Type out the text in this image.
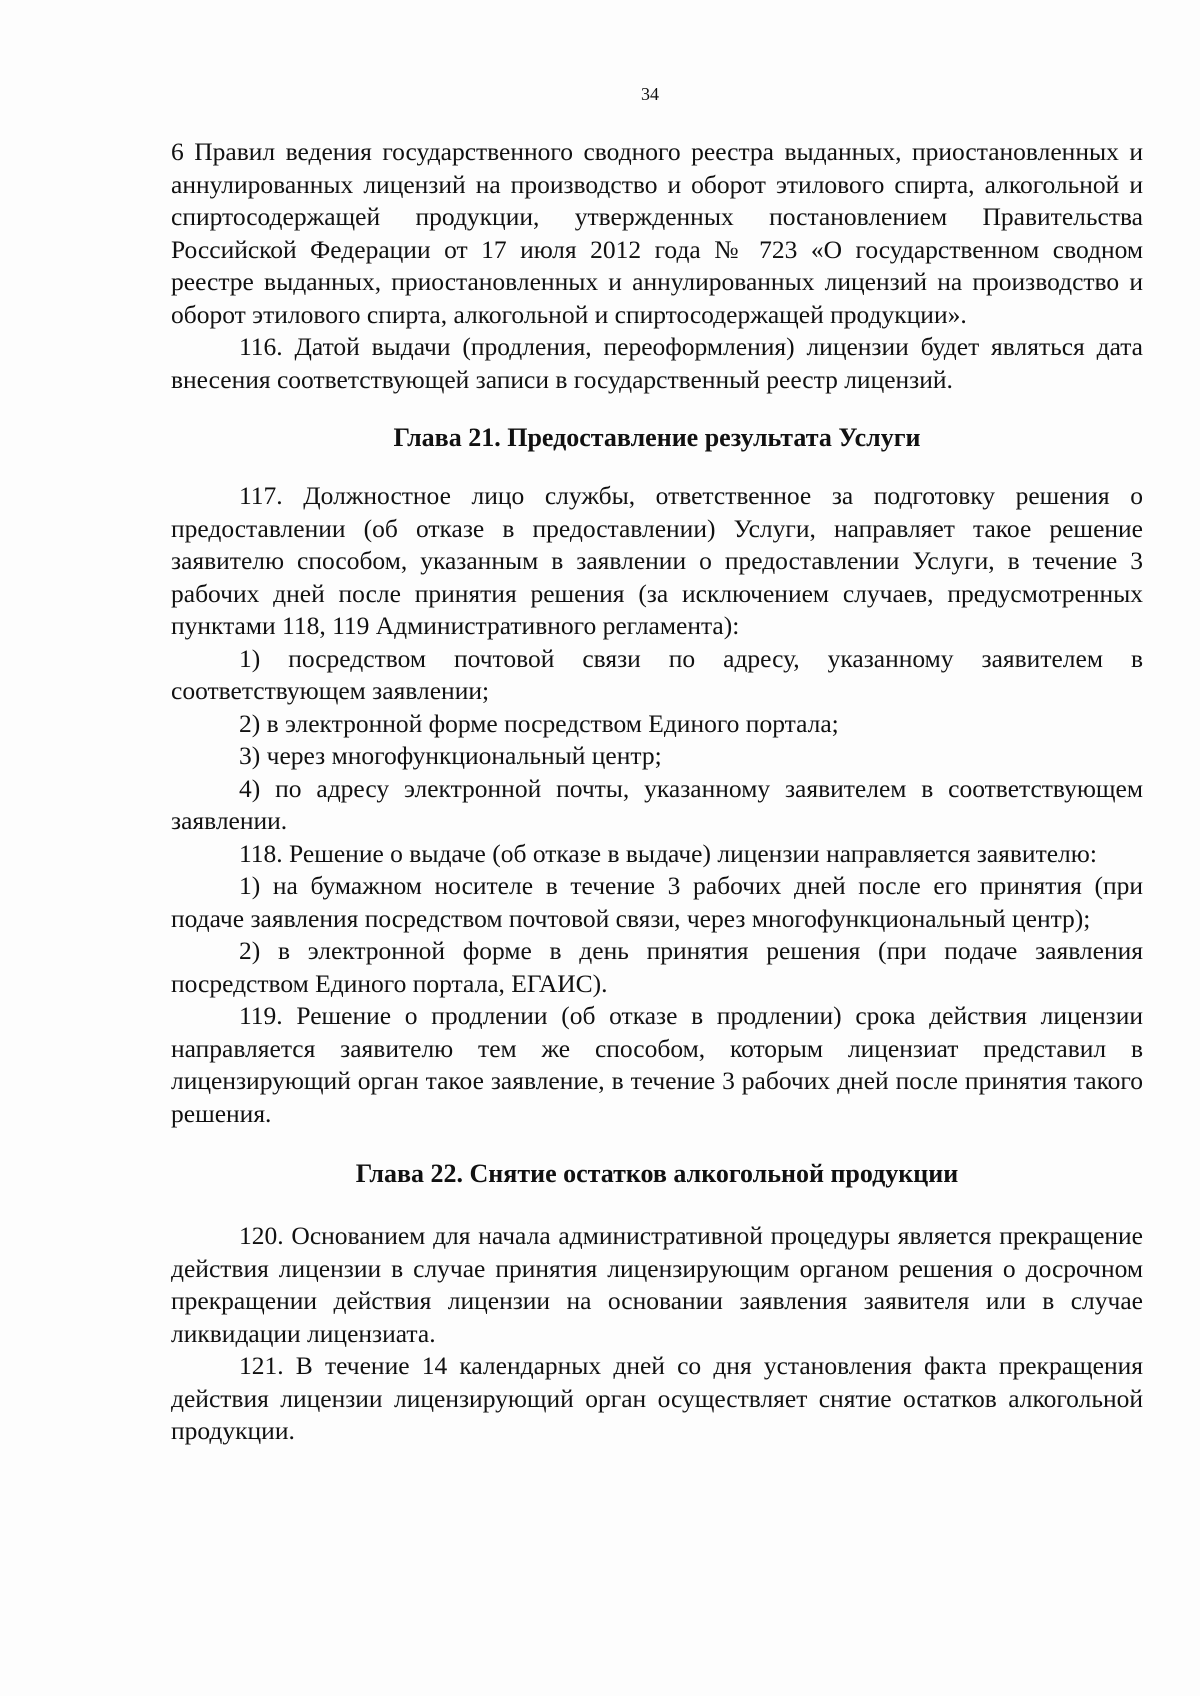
34

6 Правил ведения государственного сводного реестра выданных, приостановленных и аннулированных лицензий на производство и оборот этилового спирта, алкогольной и спиртосодержащей продукции, утвержденных постановлением Правительства Российской Федерации от 17 июля 2012 года № 723 «О государственном сводном реестре выданных, приостановленных и аннулированных лицензий на производство и оборот этилового спирта, алкогольной и спиртосодержащей продукции».

116. Датой выдачи (продления, переоформления) лицензии будет являться дата внесения соответствующей записи в государственный реестр лицензий.

Глава 21. Предоставление результата Услуги

117. Должностное лицо службы, ответственное за подготовку решения о предоставлении (об отказе в предоставлении) Услуги, направляет такое решение заявителю способом, указанным в заявлении о предоставлении Услуги, в течение 3 рабочих дней после принятия решения (за исключением случаев, предусмотренных пунктами 118, 119 Административного регламента):

1) посредством почтовой связи по адресу, указанному заявителем в соответствующем заявлении;

2) в электронной форме посредством Единого портала;

3) через многофункциональный центр;

4) по адресу электронной почты, указанному заявителем в соответствующем заявлении.

118. Решение о выдаче (об отказе в выдаче) лицензии направляется заявителю:

1) на бумажном носителе в течение 3 рабочих дней после его принятия (при подаче заявления посредством почтовой связи, через многофункциональный центр);

2) в электронной форме в день принятия решения (при подаче заявления посредством Единого портала, ЕГАИС).

119. Решение о продлении (об отказе в продлении) срока действия лицензии направляется заявителю тем же способом, которым лицензиат представил в лицензирующий орган такое заявление, в течение 3 рабочих дней после принятия такого решения.

Глава 22. Снятие остатков алкогольной продукции

120. Основанием для начала административной процедуры является прекращение действия лицензии в случае принятия лицензирующим органом решения о досрочном прекращении действия лицензии на основании заявления заявителя или в случае ликвидации лицензиата.

121. В течение 14 календарных дней со дня установления факта прекращения действия лицензии лицензирующий орган осуществляет снятие остатков алкогольной продукции.
